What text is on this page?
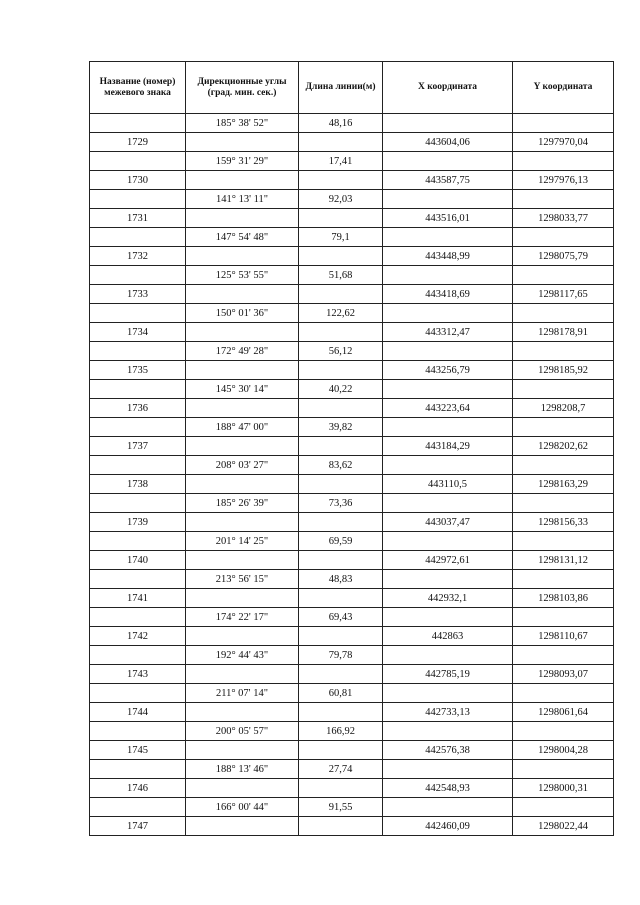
Название (номер) межевого знака	Дирекционные углы (град. мин. сек.)	Длина линии(м)	X координата	Y координата
	185° 38' 52"	48,16		
1729			443604,06	1297970,04
	159° 31' 29"	17,41		
1730			443587,75	1297976,13
	141° 13' 11"	92,03		
1731			443516,01	1298033,77
	147° 54' 48"	79,1		
1732			443448,99	1298075,79
	125° 53' 55"	51,68		
1733			443418,69	1298117,65
	150° 01' 36"	122,62		
1734			443312,47	1298178,91
	172° 49' 28"	56,12		
1735			443256,79	1298185,92
	145° 30' 14"	40,22		
1736			443223,64	1298208,7
	188° 47' 00"	39,82		
1737			443184,29	1298202,62
	208° 03' 27"	83,62		
1738			443110,5	1298163,29
	185° 26' 39"	73,36		
1739			443037,47	1298156,33
	201° 14' 25"	69,59		
1740			442972,61	1298131,12
	213° 56' 15"	48,83		
1741			442932,1	1298103,86
	174° 22' 17"	69,43		
1742			442863	1298110,67
	192° 44' 43"	79,78		
1743			442785,19	1298093,07
	211° 07' 14"	60,81		
1744			442733,13	1298061,64
	200° 05' 57"	166,92		
1745			442576,38	1298004,28
	188° 13' 46"	27,74		
1746			442548,93	1298000,31
	166° 00' 44"	91,55		
1747			442460,09	1298022,44
